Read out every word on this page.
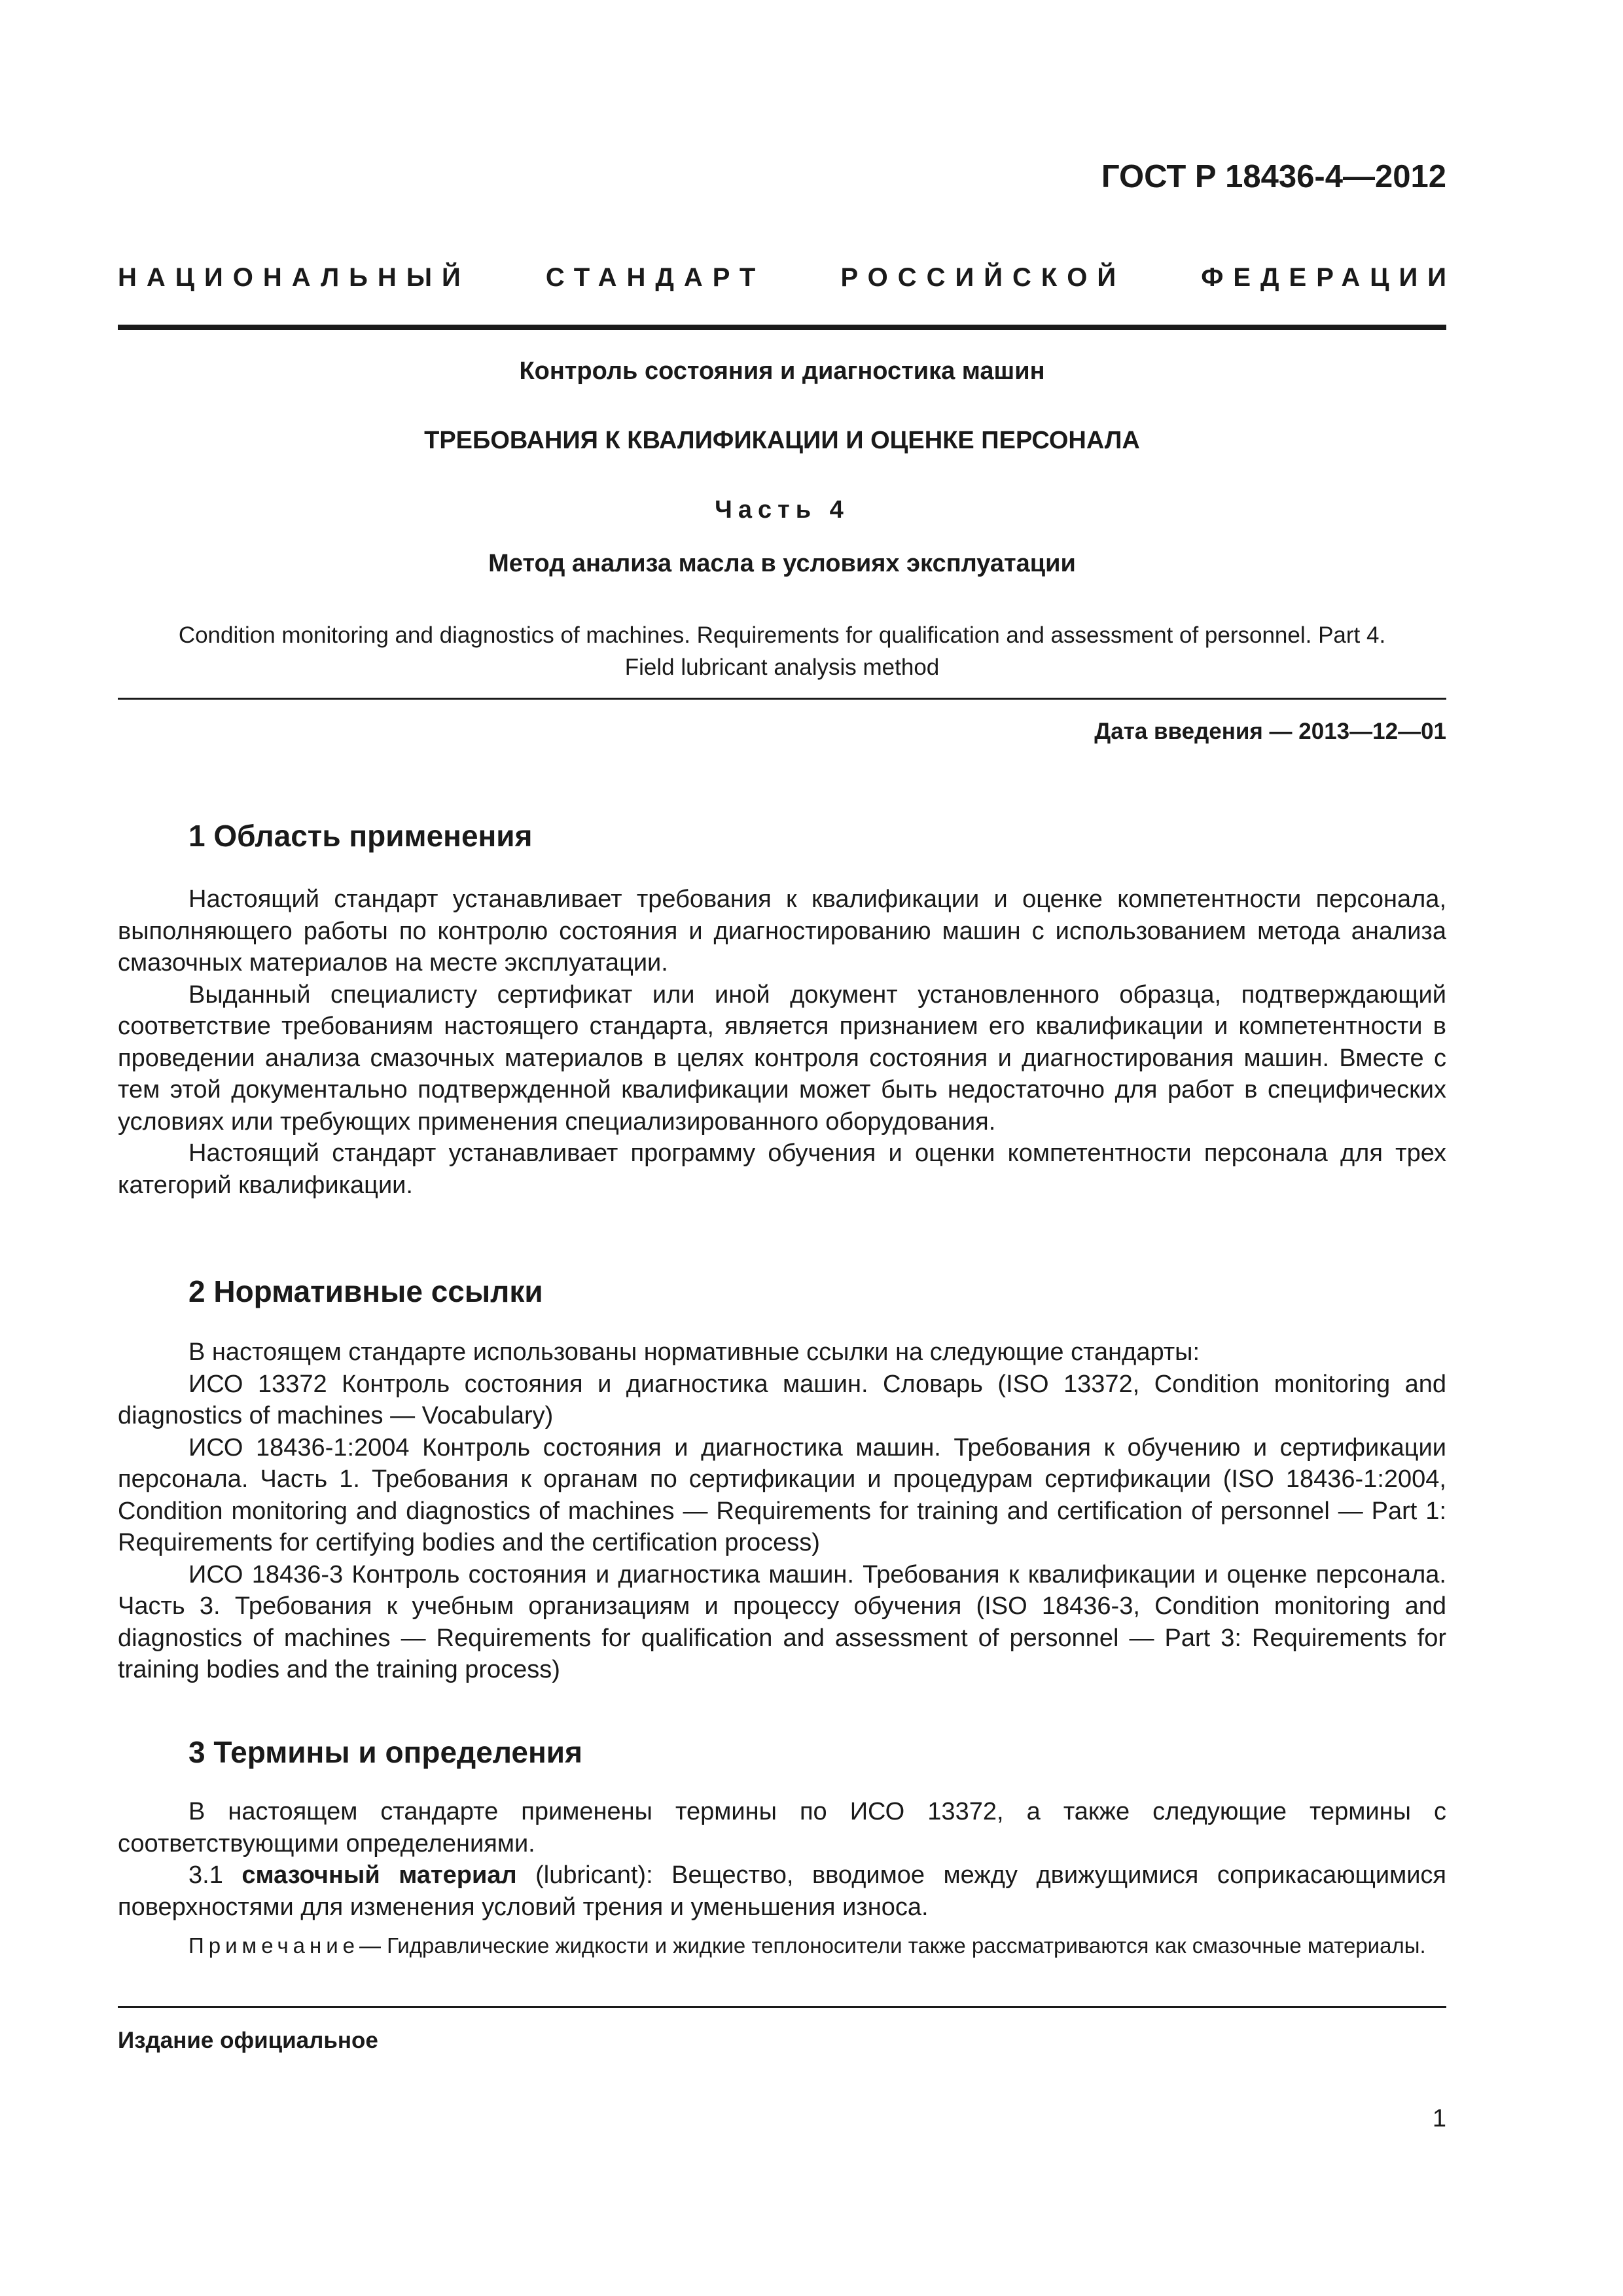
ГОСТ Р 18436-4—2012
НАЦИОНАЛЬНЫЙ	СТАНДАРТ	РОССИЙСКОЙ	ФЕДЕРАЦИИ
Контроль состояния и диагностика машин
ТРЕБОВАНИЯ К КВАЛИФИКАЦИИ И ОЦЕНКЕ ПЕРСОНАЛА
Часть 4
Метод анализа масла в условиях эксплуатации
Condition monitoring and diagnostics of machines. Requirements for qualification and assessment of personnel. Part 4.
Field lubricant analysis method
Дата введения — 2013—12—01
1 Область применения

Настоящий стандарт устанавливает требования к квалификации и оценке компетентности персонала, выполняющего работы по контролю состояния и диагностированию машин с использованием метода анализа смазочных материалов на месте эксплуатации.

Выданный специалисту сертификат или иной документ установленного образца, подтверждающий соответствие требованиям настоящего стандарта, является признанием его квалификации и компетентности в проведении анализа смазочных материалов в целях контроля состояния и диагностирования машин. Вместе с тем этой документально подтвержденной квалификации может быть недостаточно для работ в специфических условиях или требующих применения специализированного оборудования.

Настоящий стандарт устанавливает программу обучения и оценки компетентности персонала для трех категорий квалификации.

2 Нормативные ссылки

В настоящем стандарте использованы нормативные ссылки на следующие стандарты:

ИСО 13372 Контроль состояния и диагностика машин. Словарь (ISO 13372, Condition monitoring and diagnostics of machines — Vocabulary)

ИСО 18436-1:2004 Контроль состояния и диагностика машин. Требования к обучению и сертификации персонала. Часть 1. Требования к органам по сертификации и процедурам сертификации (ISO 18436-1:2004, Condition monitoring and diagnostics of machines — Requirements for training and certification of personnel — Part 1: Requirements for certifying bodies and the certification process)

ИСО 18436-3 Контроль состояния и диагностика машин. Требования к квалификации и оценке персонала. Часть 3. Требования к учебным организациям и процессу обучения (ISO 18436-3, Condition monitoring and diagnostics of machines — Requirements for qualification and assessment of personnel — Part 3: Requirements for training bodies and the training process)

3 Термины и определения

В настоящем стандарте применены термины по ИСО 13372, а также следующие термины с соответствующими определениями.

3.1 смазочный материал (lubricant): Вещество, вводимое между движущимися соприкасающимися поверхностями для изменения условий трения и уменьшения износа.

Примечание— Гидравлические жидкости и жидкие теплоносители также рассматриваются как смазочные материалы.
Издание официальное
1
